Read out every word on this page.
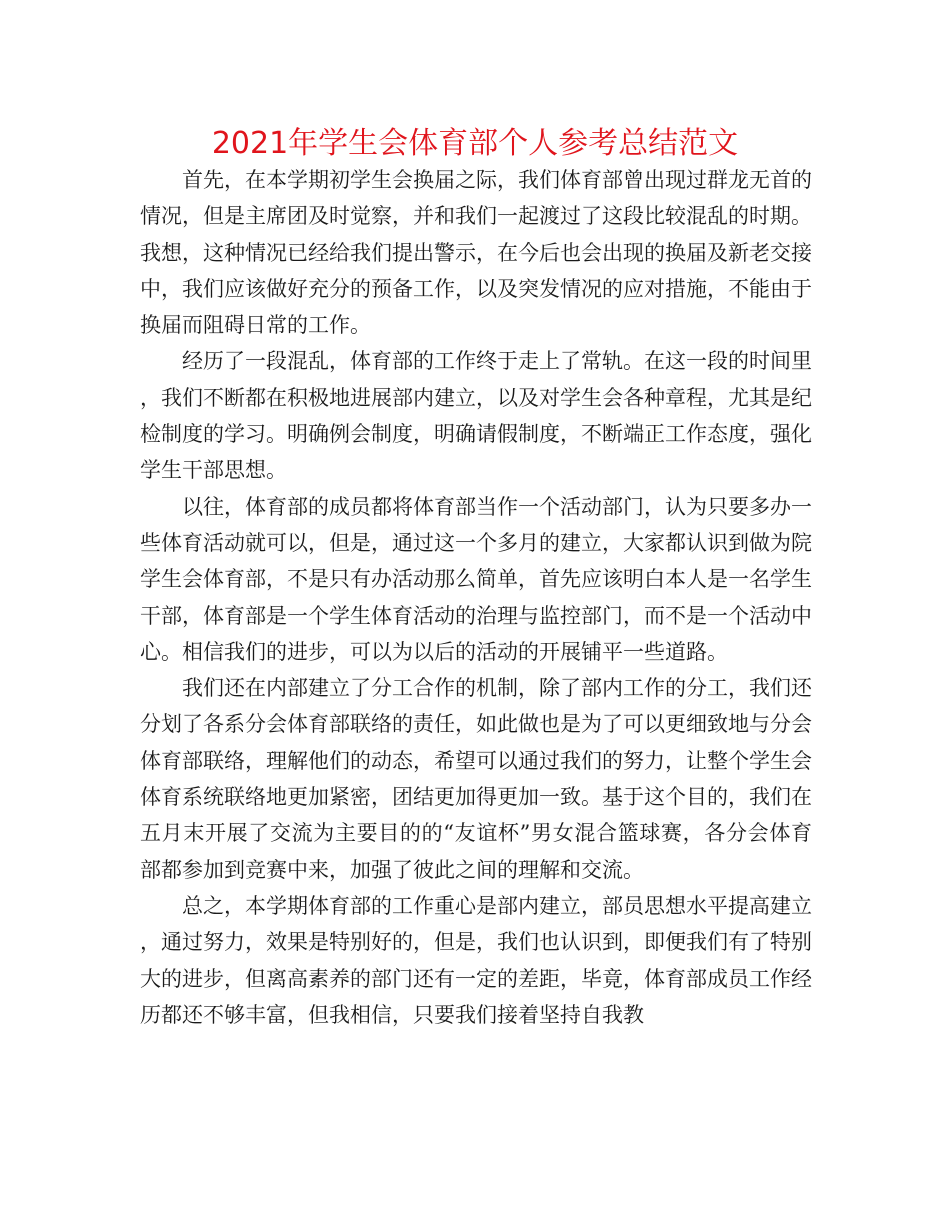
2021年学生会体育部个人参考总结范文

首先，在本学期初学生会换届之际，我们体育部曾出现过群龙无首的情况，但是主席团及时觉察，并和我们一起渡过了这段比较混乱的时期。我想，这种情况已经给我们提出警示，在今后也会出现的换届及新老交接中，我们应该做好充分的预备工作，以及突发情况的应对措施，不能由于换届而阻碍日常的工作。

经历了一段混乱，体育部的工作终于走上了常轨。在这一段的时间里，我们不断都在积极地进展部内建立，以及对学生会各种章程，尤其是纪检制度的学习。明确例会制度，明确请假制度，不断端正工作态度，强化学生干部思想。

以往，体育部的成员都将体育部当作一个活动部门，认为只要多办一些体育活动就可以，但是，通过这一个多月的建立，大家都认识到做为院学生会体育部，不是只有办活动那么简单，首先应该明白本人是一名学生干部，体育部是一个学生体育活动的治理与监控部门，而不是一个活动中心。相信我们的进步，可以为以后的活动的开展铺平一些道路。

我们还在内部建立了分工合作的机制，除了部内工作的分工，我们还分划了各系分会体育部联络的责任，如此做也是为了可以更细致地与分会体育部联络，理解他们的动态，希望可以通过我们的努力，让整个学生会体育系统联络地更加紧密，团结更加得更加一致。基于这个目的，我们在五月末开展了交流为主要目的的“友谊杯”男女混合篮球赛，各分会体育部都参加到竞赛中来，加强了彼此之间的理解和交流。

总之，本学期体育部的工作重心是部内建立，部员思想水平提高建立，通过努力，效果是特别好的，但是，我们也认识到，即便我们有了特别大的进步，但离高素养的部门还有一定的差距，毕竟，体育部成员工作经历都还不够丰富，但我相信，只要我们接着坚持自我教
